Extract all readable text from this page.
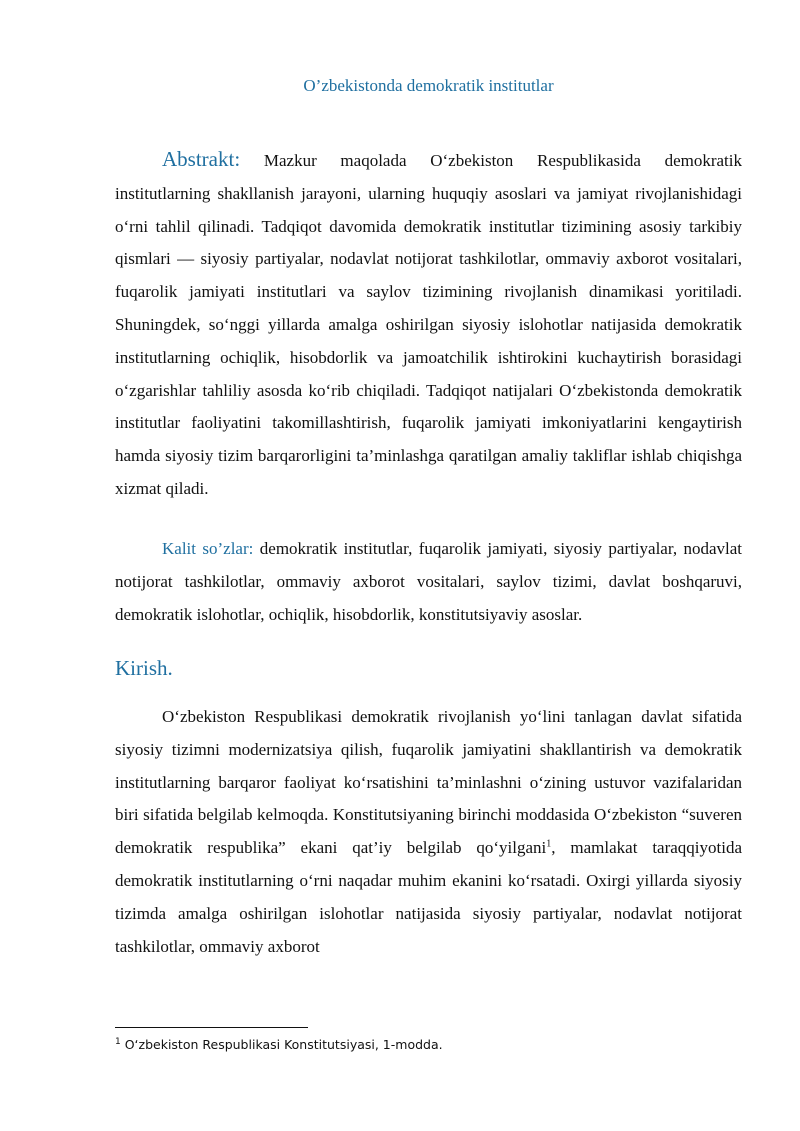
O’zbekistonda demokratik institutlar

Abstrakt: Mazkur maqolada O‘zbekiston Respublikasida demokratik institutlarning shakllanish jarayoni, ularning huquqiy asoslari va jamiyat rivojlanishidagi o‘rni tahlil qilinadi. Tadqiqot davomida demokratik institutlar tizimining asosiy tarkibiy qismlari — siyosiy partiyalar, nodavlat notijorat tashkilotlar, ommaviy axborot vositalari, fuqarolik jamiyati institutlari va saylov tizimining rivojlanish dinamikasi yoritiladi. Shuningdek, so‘nggi yillarda amalga oshirilgan siyosiy islohotlar natijasida demokratik institutlarning ochiqlik, hisobdorlik va jamoatchilik ishtirokini kuchaytirish borasidagi o‘zgarishlar tahliliy asosda ko‘rib chiqiladi. Tadqiqot natijalari O‘zbekistonda demokratik institutlar faoliyatini takomillashtirish, fuqarolik jamiyati imkoniyatlarini kengaytirish hamda siyosiy tizim barqarorligini ta’minlashga qaratilgan amaliy takliflar ishlab chiqishga xizmat qiladi.

Kalit so’zlar: demokratik institutlar, fuqarolik jamiyati, siyosiy partiyalar, nodavlat notijorat tashkilotlar, ommaviy axborot vositalari, saylov tizimi, davlat boshqaruvi, demokratik islohotlar, ochiqlik, hisobdorlik, konstitutsiyaviy asoslar.

Kirish.

O‘zbekiston Respublikasi demokratik rivojlanish yo‘lini tanlagan davlat sifatida siyosiy tizimni modernizatsiya qilish, fuqarolik jamiyatini shakllantirish va demokratik institutlarning barqaror faoliyat ko‘rsatishini ta’minlashni o‘zining ustuvor vazifalaridan biri sifatida belgilab kelmoqda. Konstitutsiyaning birinchi moddasida O‘zbekiston “suveren demokratik respublika” ekani qat’iy belgilab qo‘yilgani$^1$, mamlakat taraqqiyotida demokratik institutlarning o‘rni naqadar muhim ekanini ko‘rsatadi. Oxirgi yillarda siyosiy tizimda amalga oshirilgan islohotlar natijasida siyosiy partiyalar, nodavlat notijorat tashkilotlar, ommaviy axborot

$^1$ O‘zbekiston Respublikasi Konstitutsiyasi, 1-modda.
